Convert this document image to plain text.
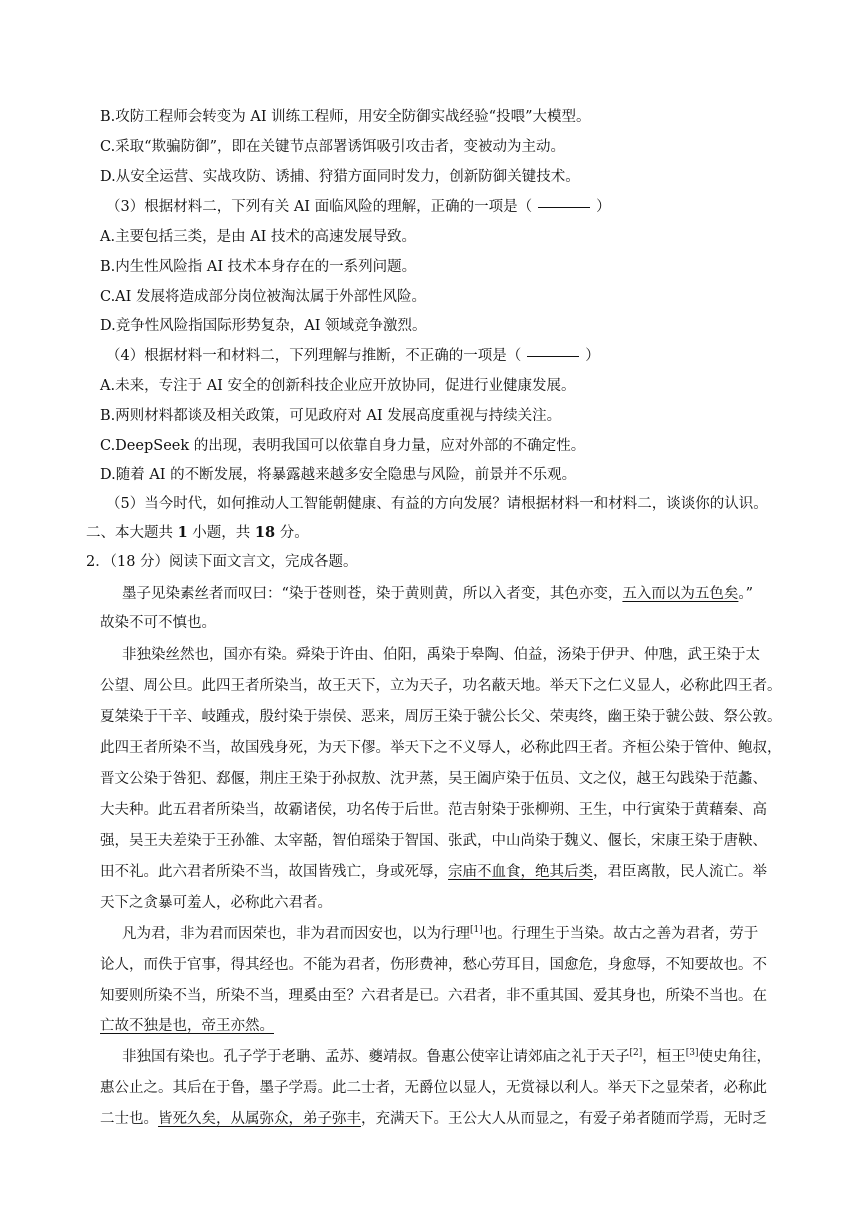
B.攻防工程师会转变为 AI 训练工程师，用安全防御实战经验“投喂”大模型。
C.采取“欺骗防御”，即在关键节点部署诱饵吸引攻击者，变被动为主动。
D.从安全运营、实战攻防、诱捕、狩猎方面同时发力，创新防御关键技术。
（3）根据材料二，下列有关 AI 面临风险的理解，正确的一项是（	）
A.主要包括三类，是由 AI 技术的高速发展导致。
B.内生性风险指 AI 技术本身存在的一系列问题。
C.AI 发展将造成部分岗位被淘汰属于外部性风险。
D.竞争性风险指国际形势复杂，AI 领域竞争激烈。
（4）根据材料一和材料二，下列理解与推断，不正确的一项是（	）
A.未来，专注于 AI 安全的创新科技企业应开放协同，促进行业健康发展。
B.两则材料都谈及相关政策，可见政府对 AI 发展高度重视与持续关注。
C.DeepSeek 的出现，表明我国可以依靠自身力量，应对外部的不确定性。
D.随着 AI 的不断发展，将暴露越来越多安全隐患与风险，前景并不乐观。
（5）当今时代，如何推动人工智能朝健康、有益的方向发展？请根据材料一和材料二，谈谈你的认识。
二、本大题共 1 小题，共 18 分。
2．（18 分）阅读下面文言文，完成各题。
墨子见染素丝者而叹曰：“染于苍则苍，染于黄则黄，所以入者变，其色亦变，五入而以为五色矣。”
故染不可不慎也。
非独染丝然也，国亦有染。舜染于许由、伯阳，禹染于皋陶、伯益，汤染于伊尹、仲虺，武王染于太
公望、周公旦。此四王者所染当，故王天下，立为天子，功名蔽天地。举天下之仁义显人，必称此四王者。
夏桀染于干辛、岐踵戎，殷纣染于崇侯、恶来，周厉王染于虢公长父、荣夷终，幽王染于虢公鼓、祭公敦。
此四王者所染不当，故国残身死，为天下僇。举天下之不义辱人，必称此四王者。齐桓公染于管仲、鲍叔，
晋文公染于咎犯、郄偃，荆庄王染于孙叔敖、沈尹蒸，吴王阖庐染于伍员、文之仪，越王勾践染于范蠡、
大夫种。此五君者所染当，故霸诸侯，功名传于后世。范吉射染于张柳朔、王生，中行寅染于黄藉秦、高
强，吴王夫差染于王孙雒、太宰嚭，智伯瑶染于智国、张武，中山尚染于魏义、偃长，宋康王染于唐鞅、
田不礼。此六君者所染不当，故国皆残亡，身或死辱，宗庙不血食，绝其后类，君臣离散，民人流亡。举
天下之贪暴可羞人，必称此六君者。
凡为君，非为君而因荣也，非为君而因安也，以为行理[1]也。行理生于当染。故古之善为君者，劳于
论人，而佚于官事，得其经也。不能为君者，伤形费神，愁心劳耳目，国愈危，身愈辱，不知要故也。不
知要则所染不当，所染不当，理奚由至？六君者是已。六君者，非不重其国、爱其身也，所染不当也。在
亡故不独是也，帝王亦然。
非独国有染也。孔子学于老聃、孟苏、夔靖叔。鲁惠公使宰让请郊庙之礼于天子[2]，桓王[3]使史角往，
惠公止之。其后在于鲁，墨子学焉。此二士者，无爵位以显人，无赏禄以利人。举天下之显荣者，必称此
二士也。皆死久矣，从属弥众，弟子弥丰，充满天下。王公大人从而显之，有爱子弟者随而学焉，无时乏
